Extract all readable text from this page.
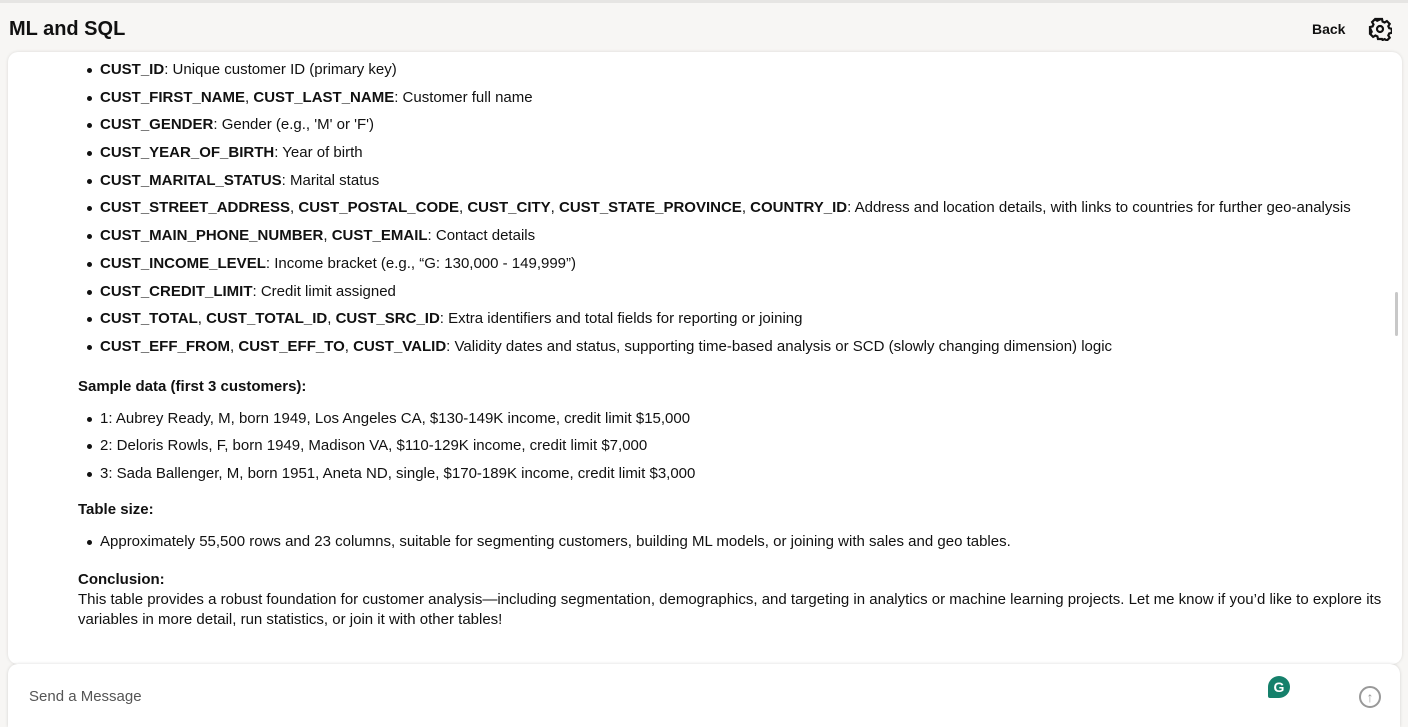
ML and SQL	Back
CUST_ID: Unique customer ID (primary key)
CUST_FIRST_NAME, CUST_LAST_NAME: Customer full name
CUST_GENDER: Gender (e.g., 'M' or 'F')
CUST_YEAR_OF_BIRTH: Year of birth
CUST_MARITAL_STATUS: Marital status
CUST_STREET_ADDRESS, CUST_POSTAL_CODE, CUST_CITY, CUST_STATE_PROVINCE, COUNTRY_ID: Address and location details, with links to countries for further geo-analysis
CUST_MAIN_PHONE_NUMBER, CUST_EMAIL: Contact details
CUST_INCOME_LEVEL: Income bracket (e.g., “G: 130,000 - 149,999”)
CUST_CREDIT_LIMIT: Credit limit assigned
CUST_TOTAL, CUST_TOTAL_ID, CUST_SRC_ID: Extra identifiers and total fields for reporting or joining
CUST_EFF_FROM, CUST_EFF_TO, CUST_VALID: Validity dates and status, supporting time-based analysis or SCD (slowly changing dimension) logic
Sample data (first 3 customers):
1: Aubrey Ready, M, born 1949, Los Angeles CA, $130-149K income, credit limit $15,000
2: Deloris Rowls, F, born 1949, Madison VA, $110-129K income, credit limit $7,000
3: Sada Ballenger, M, born 1951, Aneta ND, single, $170-189K income, credit limit $3,000
Table size:
Approximately 55,500 rows and 23 columns, suitable for segmenting customers, building ML models, or joining with sales and geo tables.
Conclusion:
This table provides a robust foundation for customer analysis—including segmentation, demographics, and targeting in analytics or machine learning projects. Let me know if you’d like to explore its variables in more detail, run statistics, or join it with other tables!
Send a Message
G
↑
